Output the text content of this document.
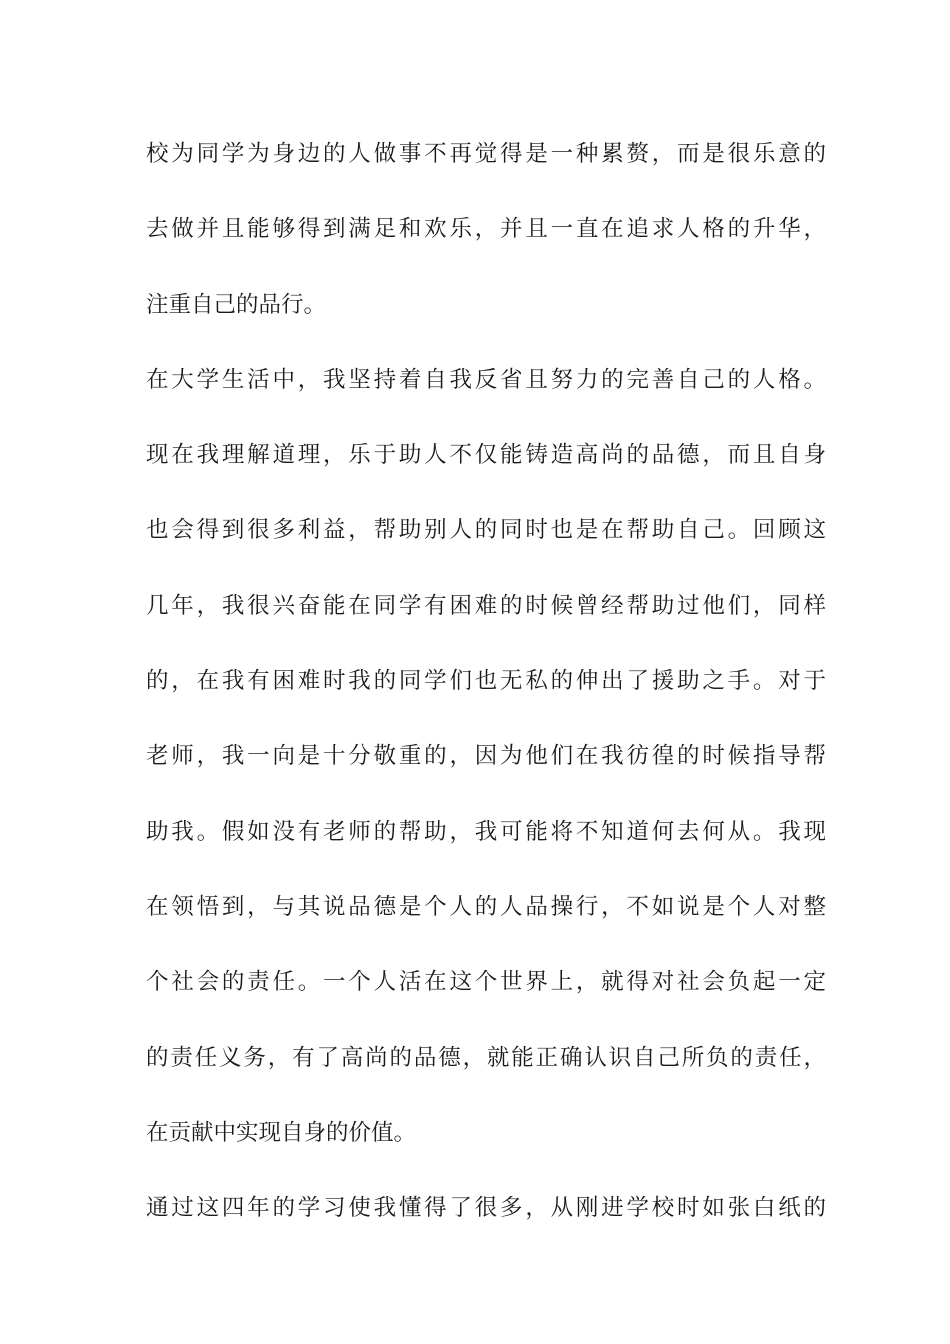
校为同学为身边的人做事不再觉得是一种累赘，而是很乐意的
去做并且能够得到满足和欢乐，并且一直在追求人格的升华，
注重自己的品行。
在大学生活中，我坚持着自我反省且努力的完善自己的人格。
现在我理解道理，乐于助人不仅能铸造高尚的品德，而且自身
也会得到很多利益，帮助别人的同时也是在帮助自己。回顾这
几年，我很兴奋能在同学有困难的时候曾经帮助过他们，同样
的，在我有困难时我的同学们也无私的伸出了援助之手。对于
老师，我一向是十分敬重的，因为他们在我彷徨的时候指导帮
助我。假如没有老师的帮助，我可能将不知道何去何从。我现
在领悟到，与其说品德是个人的人品操行，不如说是个人对整
个社会的责任。一个人活在这个世界上，就得对社会负起一定
的责任义务，有了高尚的品德，就能正确认识自己所负的责任，
在贡献中实现自身的价值。
通过这四年的学习使我懂得了很多，从刚进学校时如张白纸的
